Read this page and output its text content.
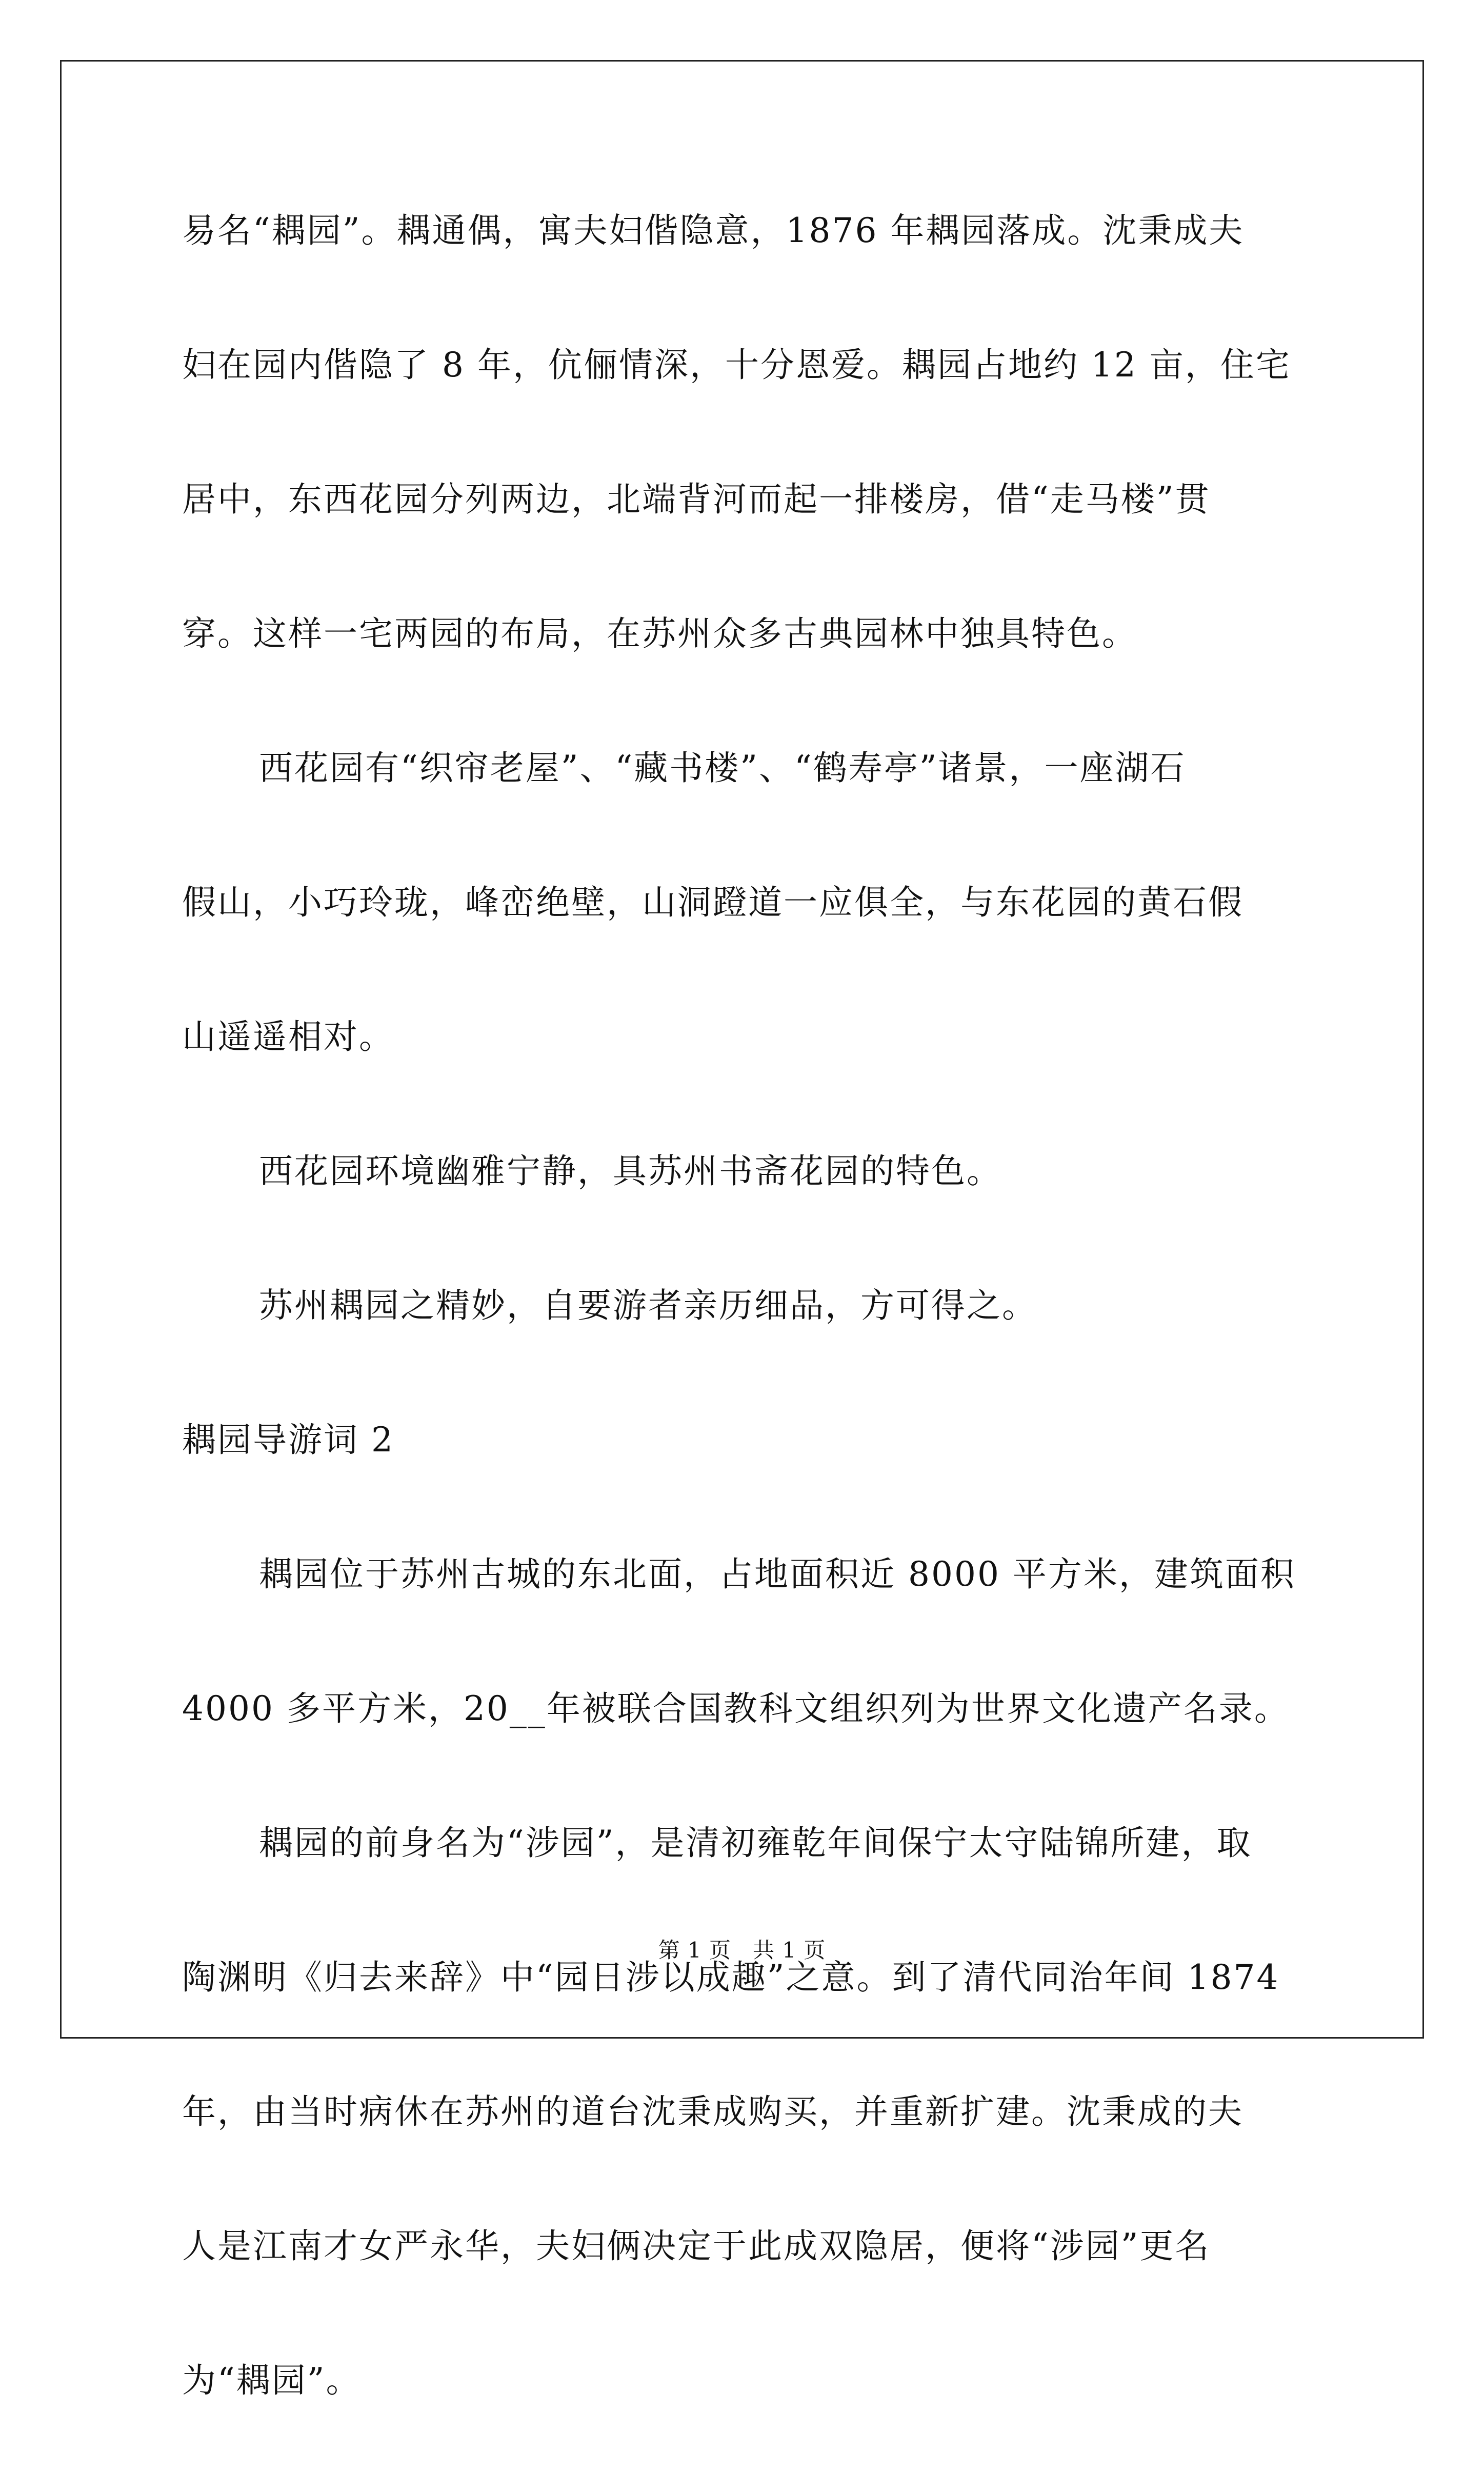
易名“耦园”。耦通偶，寓夫妇偕隐意，1876 年耦园落成。沈秉成夫
妇在园内偕隐了 8 年，伉俪情深，十分恩爱。耦园占地约 12 亩，住宅
居中，东西花园分列两边，北端背河而起一排楼房，借“走马楼”贯
穿。这样一宅两园的布局，在苏州众多古典园林中独具特色。
西花园有“织帘老屋”、“藏书楼”、“鹤寿亭”诸景，一座湖石
假山，小巧玲珑，峰峦绝壁，山洞蹬道一应俱全，与东花园的黄石假
山遥遥相对。
西花园环境幽雅宁静，具苏州书斋花园的特色。
苏州耦园之精妙，自要游者亲历细品，方可得之。
耦园导游词 2
耦园位于苏州古城的东北面，占地面积近 8000 平方米，建筑面积
4000 多平方米，20__年被联合国教科文组织列为世界文化遗产名录。
耦园的前身名为“涉园”，是清初雍乾年间保宁太守陆锦所建，取
陶渊明《归去来辞》中“园日涉以成趣”之意。到了清代同治年间 1874
年，由当时病休在苏州的道台沈秉成购买，并重新扩建。沈秉成的夫
人是江南才女严永华，夫妇俩决定于此成双隐居，便将“涉园”更名
为“耦园”。
第 1 页 共 1 页
